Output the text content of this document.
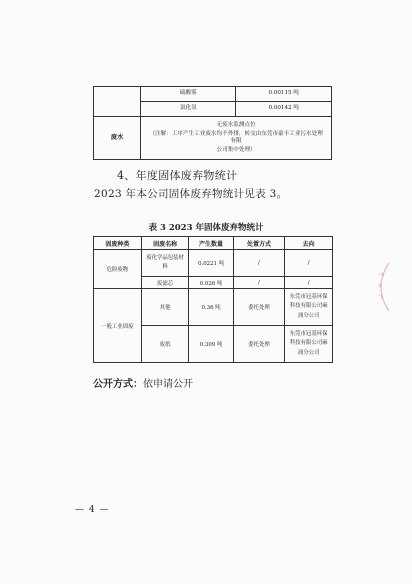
	硫酸雾	0.00115 吨
	氯化氢	0.00142 吨
废水	无废水监测点位
（注解：工序产生工业废水均不外排，转交由东莞市豪丰工业污水处理有限
公司集中处理）	
4、年度固体废弃物统计
2023 年本公司固体废弃物统计见表 3。
表 3 2023 年固体废弃物统计
固废种类	固废名称	产生数量	处置方式	去向
危险废物	废化学品包装材
料	0.0221 吨	/	/
	废滤芯	0.026 吨	/	/
一般工业固废	其他	0.36 吨	委托处理	东莞市冠基环保
科技有限公司麻
涌分公司

	废纸	0.309 吨	委托处理	东莞市冠基环保
科技有限公司麻
涌分公司
公开方式：依申请公开
— 4 —
